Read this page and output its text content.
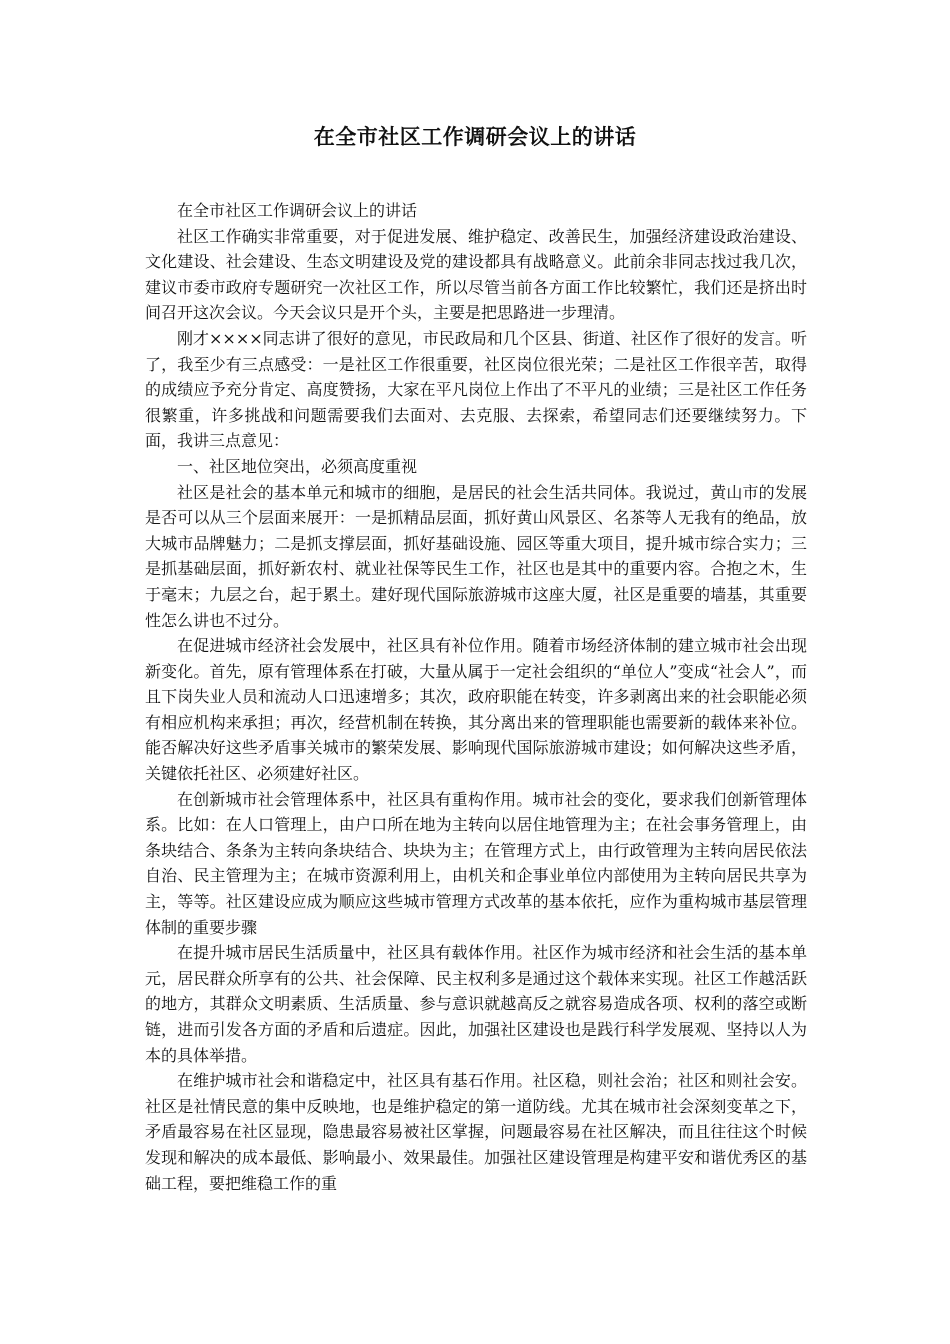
在全市社区工作调研会议上的讲话

在全市社区工作调研会议上的讲话

社区工作确实非常重要，对于促进发展、维护稳定、改善民生，加强经济建设政治建设、文化建设、社会建设、生态文明建设及党的建设都具有战略意义。此前余非同志找过我几次，建议市委市政府专题研究一次社区工作，所以尽管当前各方面工作比较繁忙，我们还是挤出时间召开这次会议。今天会议只是开个头，主要是把思路进一步理清。

刚才××××同志讲了很好的意见，市民政局和几个区县、街道、社区作了很好的发言。听了，我至少有三点感受：一是社区工作很重要，社区岗位很光荣；二是社区工作很辛苦，取得的成绩应予充分肯定、高度赞扬，大家在平凡岗位上作出了不平凡的业绩；三是社区工作任务很繁重，许多挑战和问题需要我们去面对、去克服、去探索，希望同志们还要继续努力。下面，我讲三点意见：

一、社区地位突出，必须高度重视

社区是社会的基本单元和城市的细胞，是居民的社会生活共同体。我说过，黄山市的发展是否可以从三个层面来展开：一是抓精品层面，抓好黄山风景区、名茶等人无我有的绝品，放大城市品牌魅力；二是抓支撑层面，抓好基础设施、园区等重大项目，提升城市综合实力；三是抓基础层面，抓好新农村、就业社保等民生工作，社区也是其中的重要内容。合抱之木，生于毫末；九层之台，起于累土。建好现代国际旅游城市这座大厦，社区是重要的墙基，其重要性怎么讲也不过分。

在促进城市经济社会发展中，社区具有补位作用。随着市场经济体制的建立城市社会出现新变化。首先，原有管理体系在打破，大量从属于一定社会组织的“单位人”变成“社会人”，而且下岗失业人员和流动人口迅速增多；其次，政府职能在转变，许多剥离出来的社会职能必须有相应机构来承担；再次，经营机制在转换，其分离出来的管理职能也需要新的载体来补位。能否解决好这些矛盾事关城市的繁荣发展、影响现代国际旅游城市建设；如何解决这些矛盾，关键依托社区、必须建好社区。

在创新城市社会管理体系中，社区具有重构作用。城市社会的变化，要求我们创新管理体系。比如：在人口管理上，由户口所在地为主转向以居住地管理为主；在社会事务管理上，由条块结合、条条为主转向条块结合、块块为主；在管理方式上，由行政管理为主转向居民依法自治、民主管理为主；在城市资源利用上，由机关和企事业单位内部使用为主转向居民共享为主，等等。社区建设应成为顺应这些城市管理方式改革的基本依托，应作为重构城市基层管理体制的重要步骤

在提升城市居民生活质量中，社区具有载体作用。社区作为城市经济和社会生活的基本单元，居民群众所享有的公共、社会保障、民主权利多是通过这个载体来实现。社区工作越活跃的地方，其群众文明素质、生活质量、参与意识就越高反之就容易造成各项、权利的落空或断链，进而引发各方面的矛盾和后遗症。因此，加强社区建设也是践行科学发展观、坚持以人为本的具体举措。

在维护城市社会和谐稳定中，社区具有基石作用。社区稳，则社会治；社区和则社会安。社区是社情民意的集中反映地，也是维护稳定的第一道防线。尤其在城市社会深刻变革之下，矛盾最容易在社区显现，隐患最容易被社区掌握，问题最容易在社区解决，而且往往这个时候发现和解决的成本最低、影响最小、效果最佳。加强社区建设管理是构建平安和谐优秀区的基础工程，要把维稳工作的重
